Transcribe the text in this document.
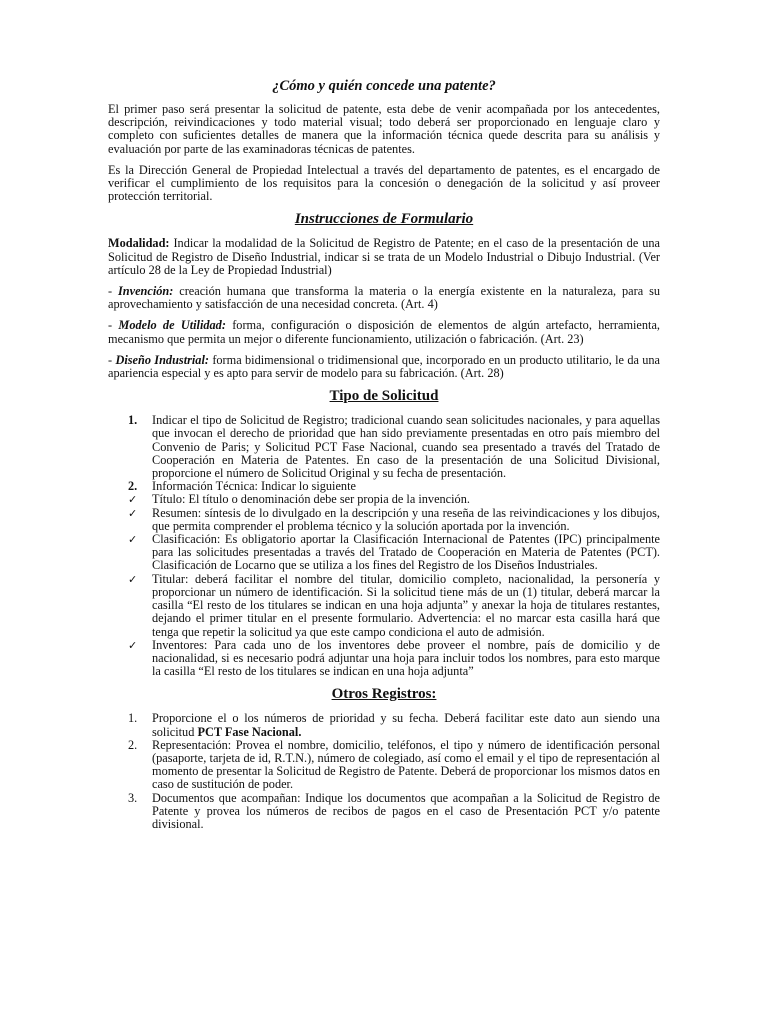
¿Cómo y quién concede una patente?

El primer paso será presentar la solicitud de patente, esta debe de venir acompañada por los antecedentes, descripción, reivindicaciones y todo material visual; todo deberá ser proporcionado en lenguaje claro y completo con suficientes detalles de manera que la información técnica quede descrita para su análisis y evaluación por parte de las examinadoras técnicas de patentes.

Es la Dirección General de Propiedad Intelectual a través del departamento de patentes, es el encargado de verificar el cumplimiento de los requisitos para la concesión o denegación de la solicitud y así proveer protección territorial.

Instrucciones de Formulario

Modalidad: Indicar la modalidad de la Solicitud de Registro de Patente; en el caso de la presentación de una Solicitud de Registro de Diseño Industrial, indicar si se trata de un Modelo Industrial o Dibujo Industrial. (Ver artículo 28 de la Ley de Propiedad Industrial)

- Invención: creación humana que transforma la materia o la energía existente en la naturaleza, para su aprovechamiento y satisfacción de una necesidad concreta. (Art. 4)

- Modelo de Utilidad: forma, configuración o disposición de elementos de algún artefacto, herramienta, mecanismo que permita un mejor o diferente funcionamiento, utilización o fabricación. (Art. 23)

- Diseño Industrial: forma bidimensional o tridimensional que, incorporado en un producto utilitario, le da una apariencia especial y es apto para servir de modelo para su fabricación. (Art. 28)

Tipo de Solicitud
1.	Indicar el tipo de Solicitud de Registro; tradicional cuando sean solicitudes nacionales, y para aquellas que invocan el derecho de prioridad que han sido previamente presentadas en otro país miembro del Convenio de Paris; y Solicitud PCT Fase Nacional, cuando sea presentado a través del Tratado de Cooperación en Materia de Patentes. En caso de la presentación de una Solicitud Divisional, proporcione el número de Solicitud Original y su fecha de presentación.
2.	Información Técnica: Indicar lo siguiente
✓	Título: El título o denominación debe ser propia de la invención.
✓	Resumen: síntesis de lo divulgado en la descripción y una reseña de las reivindicaciones y los dibujos, que permita comprender el problema técnico y la solución aportada por la invención.
✓	Clasificación: Es obligatorio aportar la Clasificación Internacional de Patentes (IPC) principalmente para las solicitudes presentadas a través del Tratado de Cooperación en Materia de Patentes (PCT). Clasificación de Locarno que se utiliza a los fines del Registro de los Diseños Industriales.
✓	Titular: deberá facilitar el nombre del titular, domicilio completo, nacionalidad, la personería y proporcionar un número de identificación. Si la solicitud tiene más de un (1) titular, deberá marcar la casilla “El resto de los titulares se indican en una hoja adjunta” y anexar la hoja de titulares restantes, dejando el primer titular en el presente formulario. Advertencia: el no marcar esta casilla hará que tenga que repetir la solicitud ya que este campo condiciona el auto de admisión.
✓	Inventores: Para cada uno de los inventores debe proveer el nombre, país de domicilio y de nacionalidad, si es necesario podrá adjuntar una hoja para incluir todos los nombres, para esto marque la casilla “El resto de los titulares se indican en una hoja adjunta”
Otros Registros:
1.	Proporcione el o los números de prioridad y su fecha. Deberá facilitar este dato aun siendo una solicitud PCT Fase Nacional.
2.	Representación: Provea el nombre, domicilio, teléfonos, el tipo y número de identificación personal (pasaporte, tarjeta de id, R.T.N.), número de colegiado, así como el email y el tipo de representación al momento de presentar la Solicitud de Registro de Patente. Deberá de proporcionar los mismos datos en caso de sustitución de poder.
3.	Documentos que acompañan: Indique los documentos que acompañan a la Solicitud de Registro de Patente y provea los números de recibos de pagos en el caso de Presentación PCT y/o patente divisional.
